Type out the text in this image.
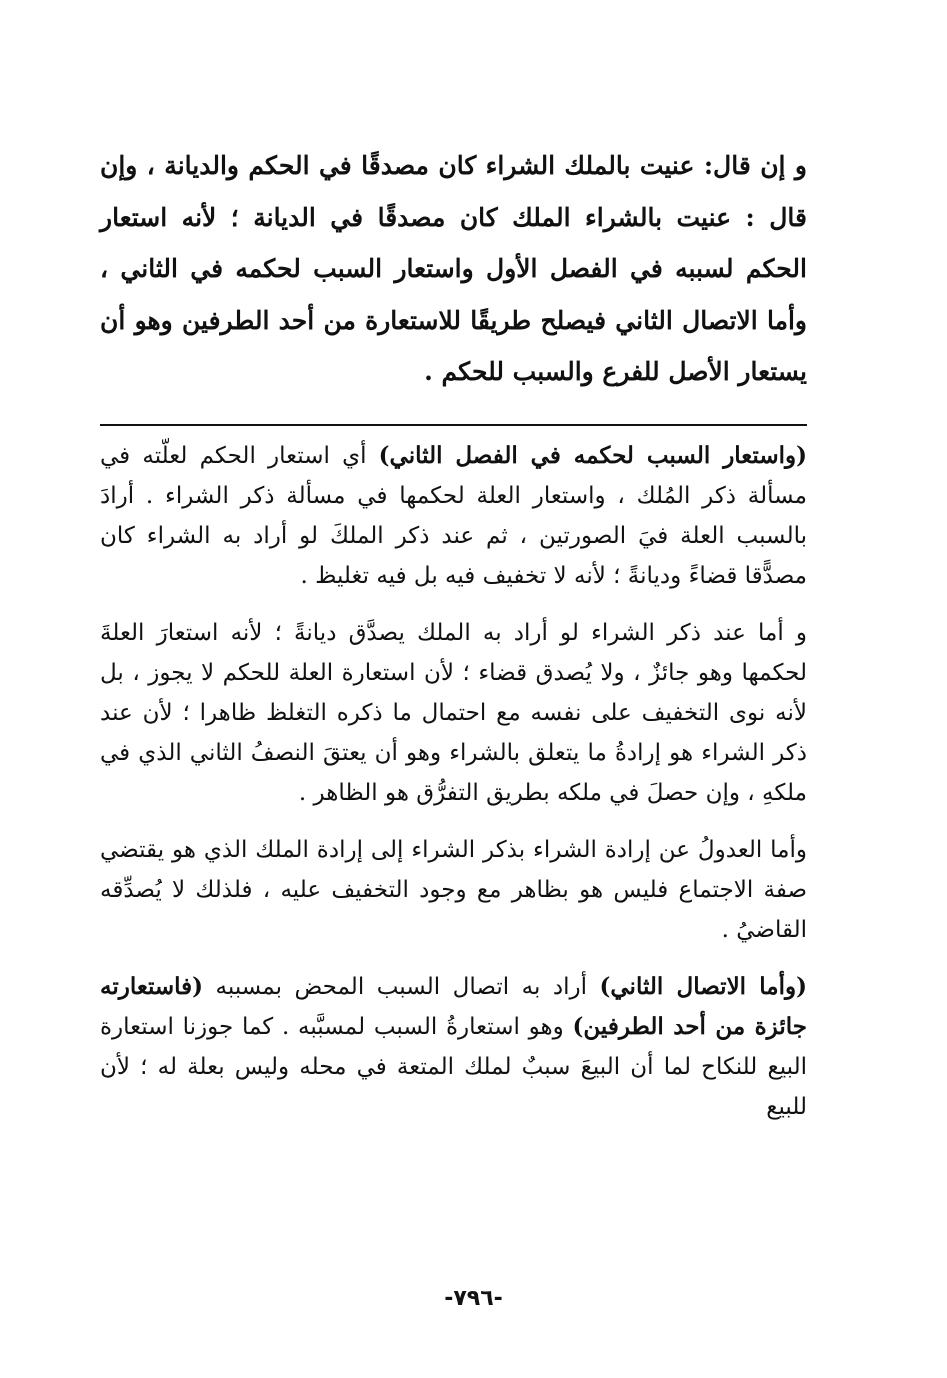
و إن قال: عنيت بالملك الشراء كان مصدقًا في الحكم والديانة ، وإن قال : عنيت بالشراء الملك كان مصدقًا في الديانة ؛ لأنه استعار الحكم لسببه في الفصل الأول واستعار السبب لحكمه في الثاني ، وأما الاتصال الثاني فيصلح طريقًا للاستعارة من أحد الطرفين وهو أن يستعار الأصل للفرع والسبب للحكم .

(واستعار السبب لحكمه في الفصل الثاني) أي استعار الحكم لعلّته في مسألة ذكر المُلك ، واستعار العلة لحكمها في مسألة ذكر الشراء . أرادَ بالسبب العلة فيَ الصورتين ، ثم عند ذكر الملكَ لو أراد به الشراء كان مصدًّقا قضاءً وديانةً ؛ لأنه لا تخفيف فيه بل فيه تغليظ .

و أما عند ذكر الشراء لو أراد به الملك يصدَّق ديانةً ؛ لأنه استعارَ العلةَ لحكمها وهو جائزٌ ، ولا يُصدق قضاء ؛ لأن استعارة العلة للحكم لا يجوز ، بل لأنه نوى التخفيف على نفسه مع احتمال ما ذكره التغلظ ظاهرا ؛ لأن عند ذكر الشراء هو إرادةُ ما يتعلق بالشراء وهو أن يعتقَ النصفُ الثاني الذي في ملكهِ ، وإن حصلَ في ملكه بطريق التفرُّق هو الظاهر .

وأما العدولُ عن إرادة الشراء بذكر الشراء إلى إرادة الملك الذي هو يقتضي صفة الاجتماع فليس هو بظاهر مع وجود التخفيف عليه ، فلذلك لا يُصدِّقه القاضيُ .

(وأما الاتصال الثاني) أراد به اتصال السبب المحض بمسببه (فاستعارته جائزة من أحد الطرفين) وهو استعارةُ السبب لمسبَّبه . كما جوزنا استعارة البيع للنكاح لما أن البيعَ سببٌ لملك المتعة في محله وليس بعلة له ؛ لأن للبيع

-٧٩٦-
